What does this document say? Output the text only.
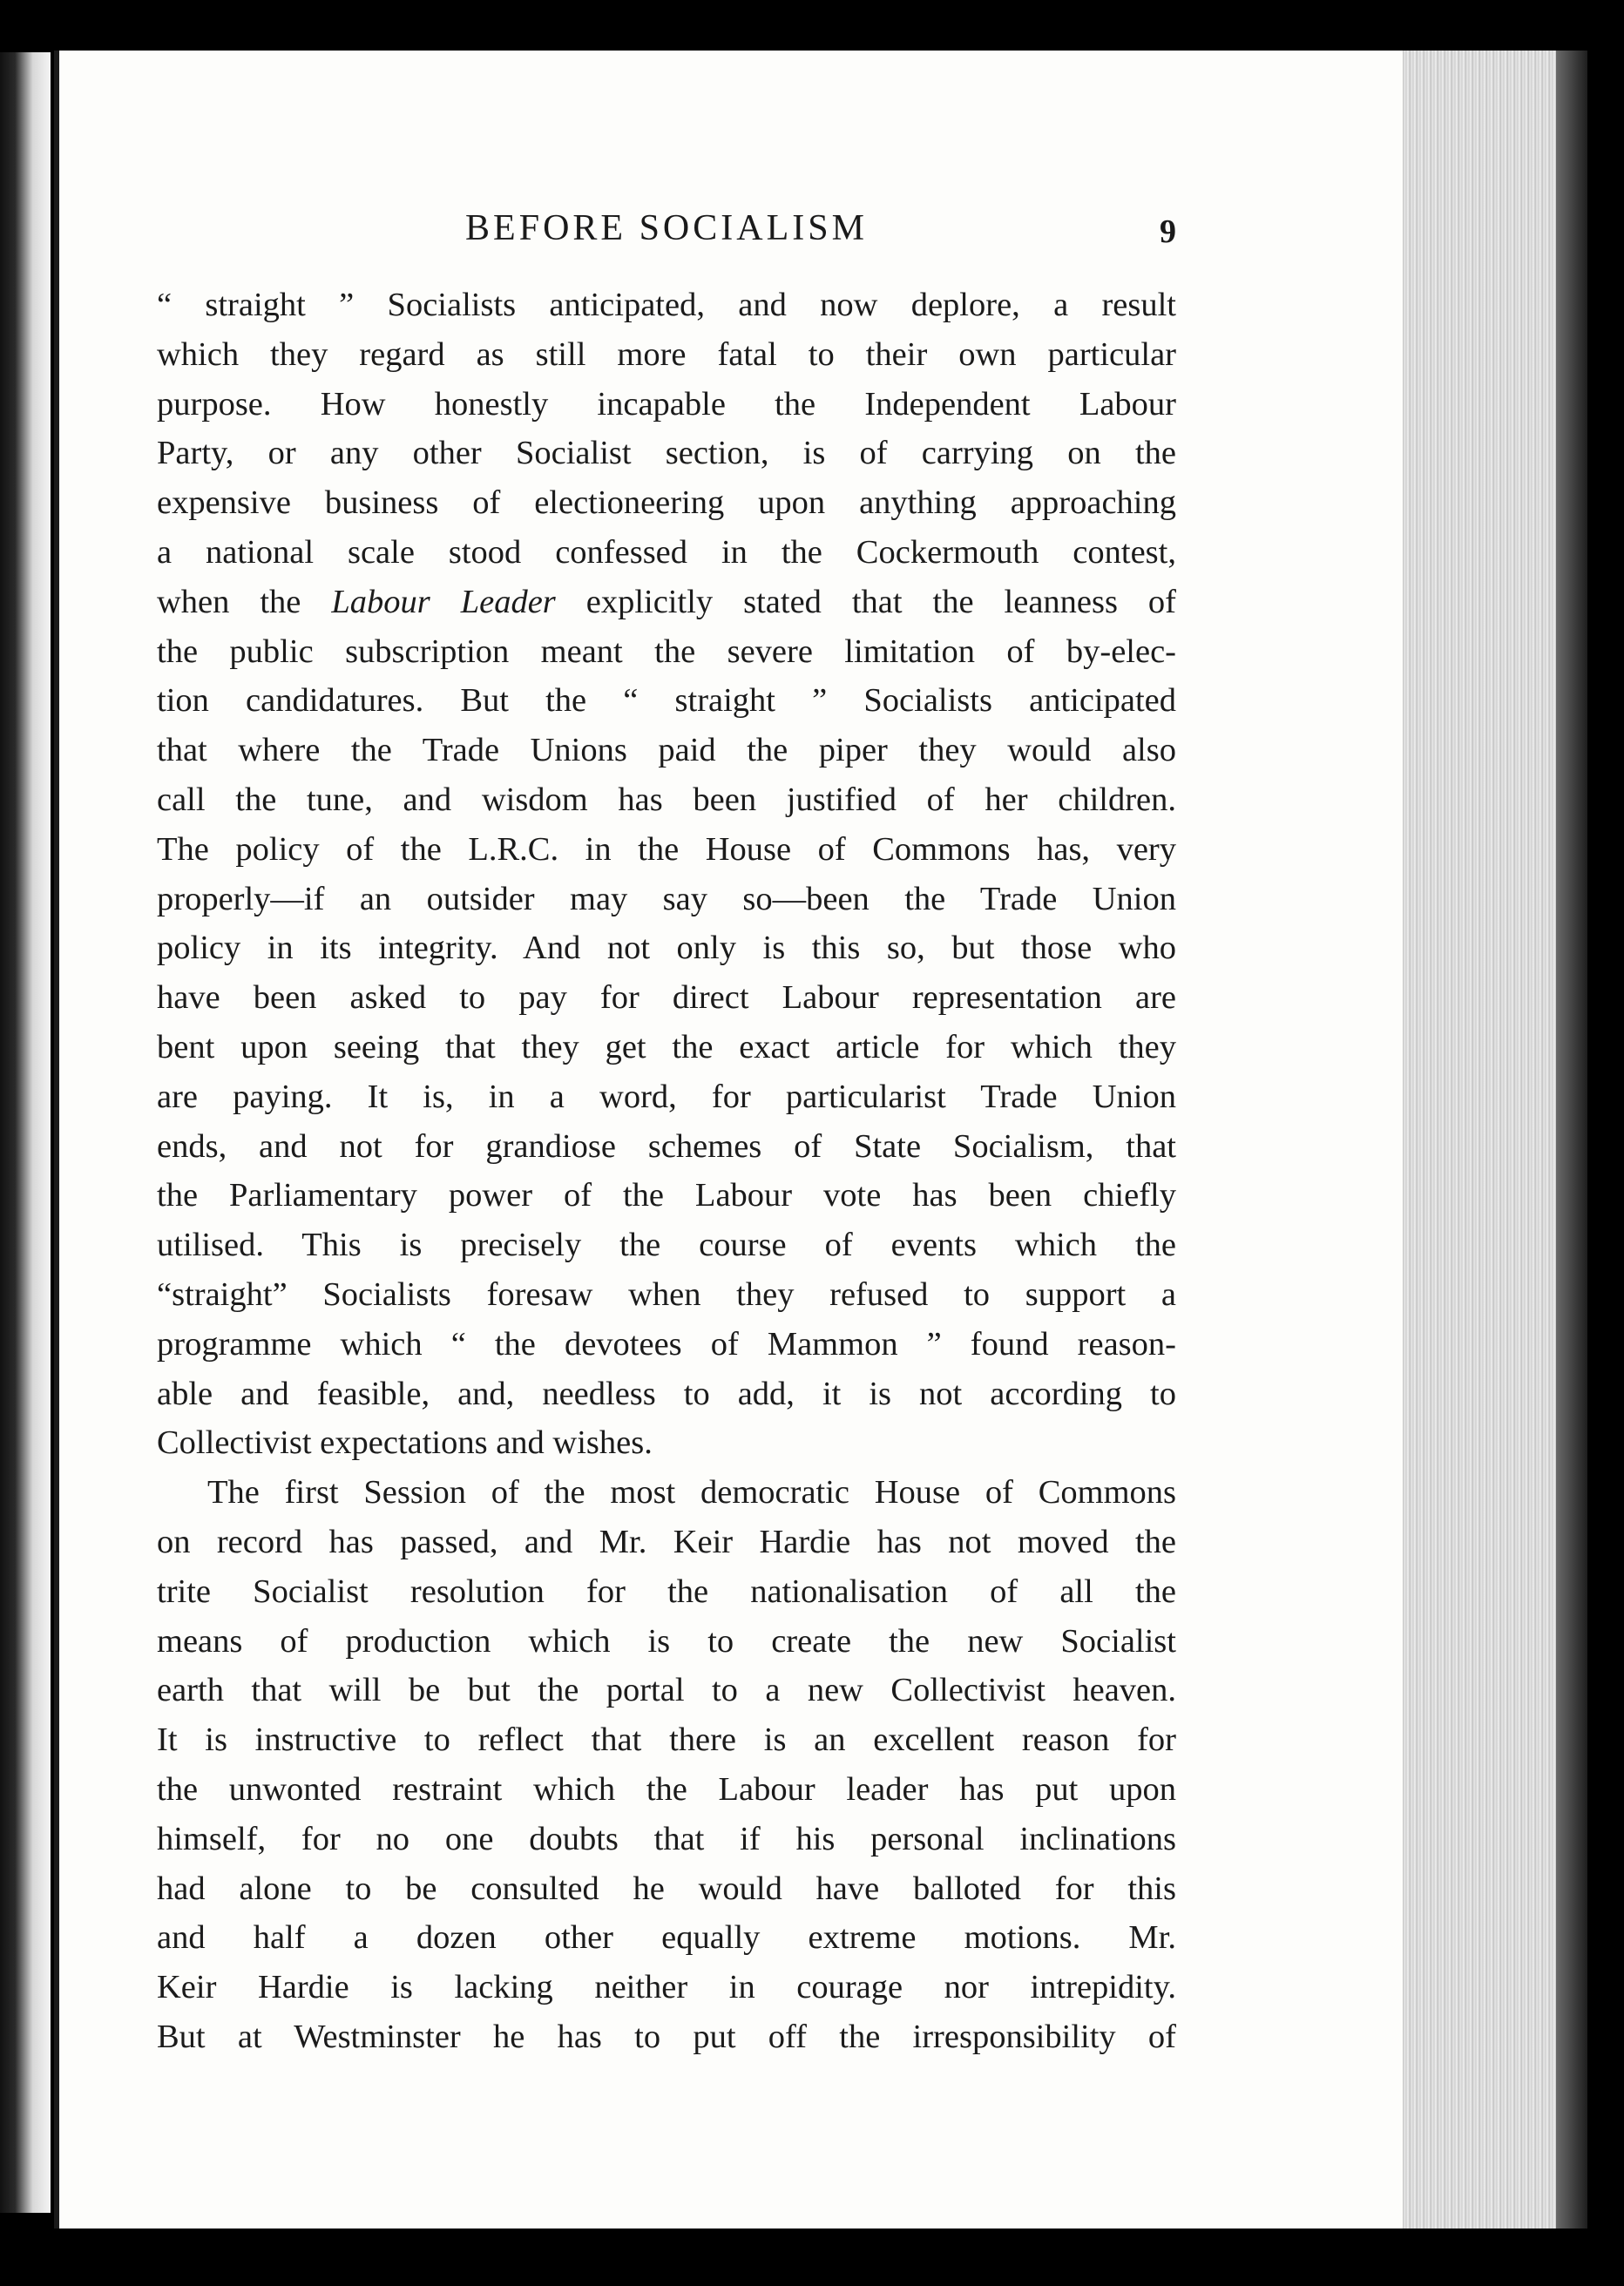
BEFORE SOCIALISM	9
“ straight ” Socialists anticipated, and now deplore, a result
which they regard as still more fatal to their own particular
purpose. How honestly incapable the Independent Labour
Party, or any other Socialist section, is of carrying on the
expensive business of electioneering upon anything approaching
a national scale stood confessed in the Cockermouth contest,
when the Labour Leader explicitly stated that the leanness of
the public subscription meant the severe limitation of by-elec-
tion candidatures. But the “ straight ” Socialists anticipated
that where the Trade Unions paid the piper they would also
call the tune, and wisdom has been justified of her children.
The policy of the L.R.C. in the House of Commons has, very
properly—if an outsider may say so—been the Trade Union
policy in its integrity. And not only is this so, but those who
have been asked to pay for direct Labour representation are
bent upon seeing that they get the exact article for which they
are paying. It is, in a word, for particularist Trade Union
ends, and not for grandiose schemes of State Socialism, that
the Parliamentary power of the Labour vote has been chiefly
utilised. This is precisely the course of events which the
“straight” Socialists foresaw when they refused to support a
programme which “ the devotees of Mammon ” found reason-
able and feasible, and, needless to add, it is not according to
Collectivist expectations and wishes.
The first Session of the most democratic House of Commons
on record has passed, and Mr. Keir Hardie has not moved the
trite Socialist resolution for the nationalisation of all the
means of production which is to create the new Socialist
earth that will be but the portal to a new Collectivist heaven.
It is instructive to reflect that there is an excellent reason for
the unwonted restraint which the Labour leader has put upon
himself, for no one doubts that if his personal inclinations
had alone to be consulted he would have balloted for this
and half a dozen other equally extreme motions. Mr.
Keir Hardie is lacking neither in courage nor intrepidity.
But at Westminster he has to put off the irresponsibility of
